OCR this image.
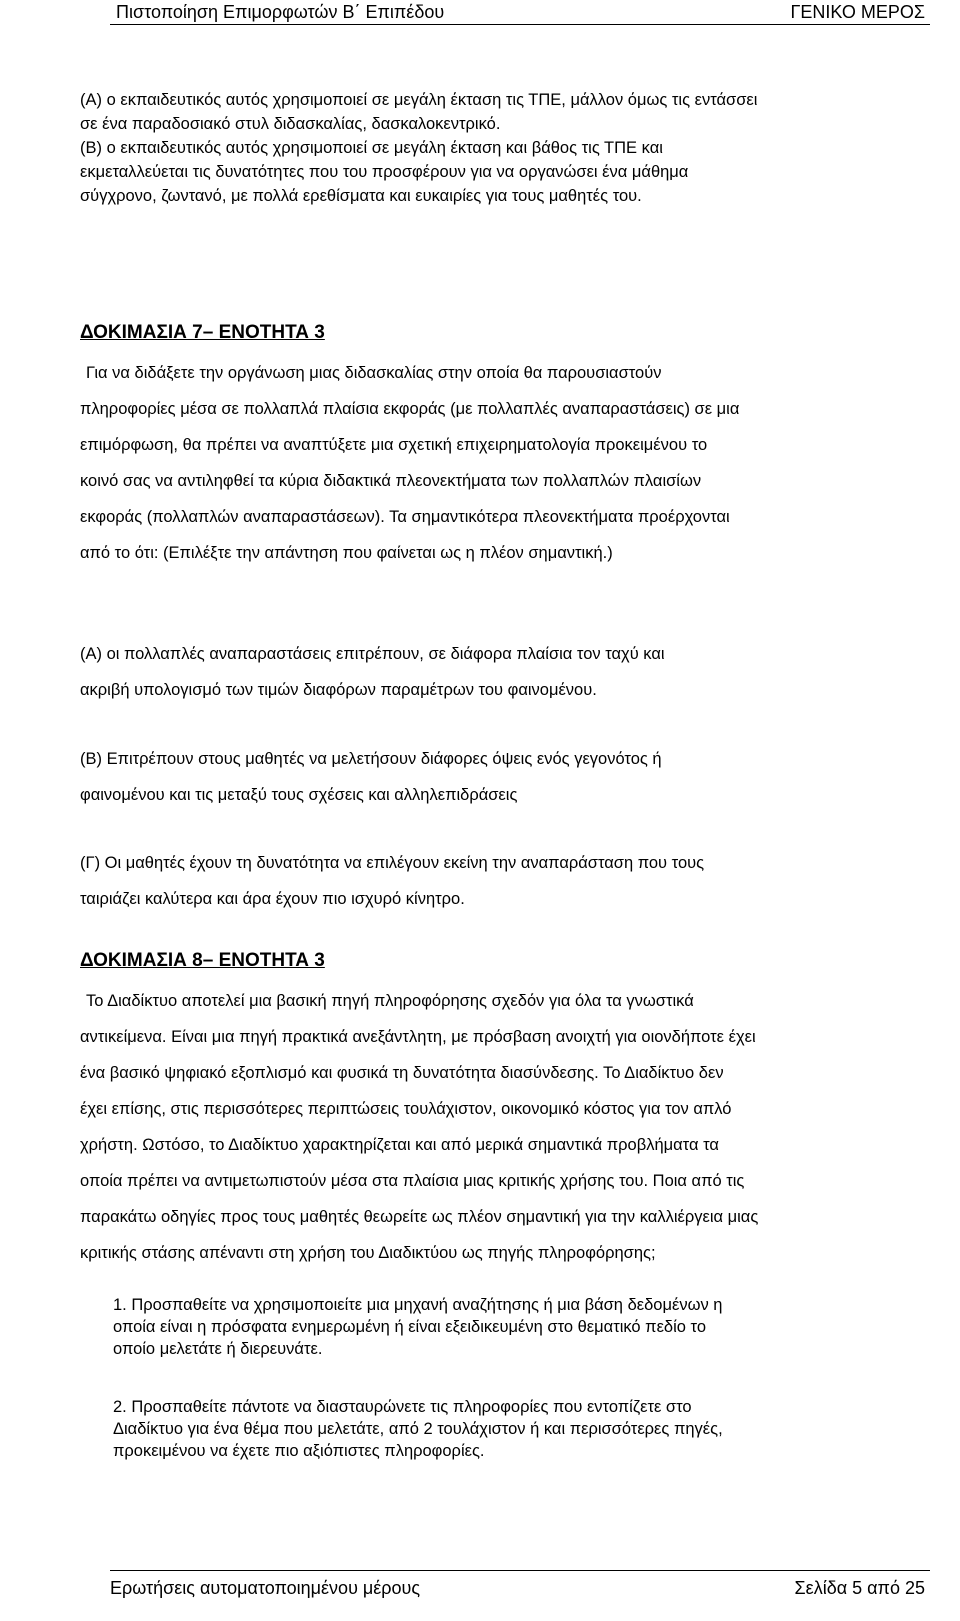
Πιστοποίηση Επιμορφωτών Β΄ Επιπέδου	ΓΕΝΙΚΟ ΜΕΡΟΣ

(Α) ο εκπαιδευτικός αυτός χρησιμοποιεί σε μεγάλη έκταση τις ΤΠΕ, μάλλον όμως τις εντάσσει

σε ένα παραδοσιακό στυλ διδασκαλίας, δασκαλοκεντρικό.

(Β) ο εκπαιδευτικός αυτός χρησιμοποιεί σε μεγάλη έκταση και βάθος τις ΤΠΕ και

εκμεταλλεύεται τις δυνατότητες που του προσφέρουν για να οργανώσει ένα μάθημα

σύγχρονο, ζωντανό, με πολλά ερεθίσματα και ευκαιρίες για τους μαθητές του.

ΔΟΚΙΜΑΣΙΑ 7– ΕΝΟΤΗΤΑ 3

Για να διδάξετε την οργάνωση μιας διδασκαλίας στην οποία θα παρουσιαστούν

πληροφορίες μέσα σε πολλαπλά πλαίσια εκφοράς (με πολλαπλές αναπαραστάσεις) σε μια

επιμόρφωση, θα πρέπει να αναπτύξετε μια σχετική επιχειρηματολογία προκειμένου το

κοινό σας να αντιληφθεί τα κύρια διδακτικά πλεονεκτήματα των πολλαπλών πλαισίων

εκφοράς (πολλαπλών αναπαραστάσεων). Τα σημαντικότερα πλεονεκτήματα προέρχονται

από το ότι: (Επιλέξτε την απάντηση που φαίνεται ως η πλέον σημαντική.)

(Α) οι πολλαπλές αναπαραστάσεις επιτρέπουν, σε διάφορα πλαίσια τον ταχύ και

ακριβή υπολογισμό των τιμών διαφόρων παραμέτρων του φαινομένου.

(Β) Επιτρέπουν στους μαθητές να μελετήσουν διάφορες όψεις ενός γεγονότος ή

φαινομένου και τις μεταξύ τους σχέσεις και αλληλεπιδράσεις

(Γ) Οι μαθητές έχουν τη δυνατότητα να επιλέγουν εκείνη την αναπαράσταση που τους

ταιριάζει καλύτερα και άρα έχουν πιο ισχυρό κίνητρο.

ΔΟΚΙΜΑΣΙΑ 8– ΕΝΟΤΗΤΑ 3

Το Διαδίκτυο αποτελεί μια βασική πηγή πληροφόρησης σχεδόν για όλα τα γνωστικά

αντικείμενα. Είναι μια πηγή πρακτικά ανεξάντλητη, με πρόσβαση ανοιχτή για οιονδήποτε έχει

ένα βασικό ψηφιακό εξοπλισμό και φυσικά τη δυνατότητα διασύνδεσης. Το Διαδίκτυο δεν

έχει επίσης, στις περισσότερες περιπτώσεις τουλάχιστον, οικονομικό κόστος για τον απλό

χρήστη. Ωστόσο, το Διαδίκτυο χαρακτηρίζεται και από μερικά σημαντικά προβλήματα τα

οποία πρέπει να αντιμετωπιστούν μέσα στα πλαίσια μιας κριτικής χρήσης του. Ποια από τις

παρακάτω οδηγίες προς τους μαθητές θεωρείτε ως πλέον σημαντική για την καλλιέργεια μιας

κριτικής στάσης απέναντι στη χρήση του Διαδικτύου ως πηγής πληροφόρησης;

1. Προσπαθείτε να χρησιμοποιείτε μια μηχανή αναζήτησης ή μια βάση δεδομένων η

οποία είναι η πρόσφατα ενημερωμένη ή είναι εξειδικευμένη στο θεματικό πεδίο το

οποίο μελετάτε ή διερευνάτε.

2. Προσπαθείτε πάντοτε να διασταυρώνετε τις πληροφορίες που εντοπίζετε στο

Διαδίκτυο για ένα θέμα που μελετάτε, από 2 τουλάχιστον ή και περισσότερες πηγές,

προκειμένου να έχετε πιο αξιόπιστες πληροφορίες.

Ερωτήσεις αυτοματοποιημένου μέρους	Σελίδα 5 από 25
